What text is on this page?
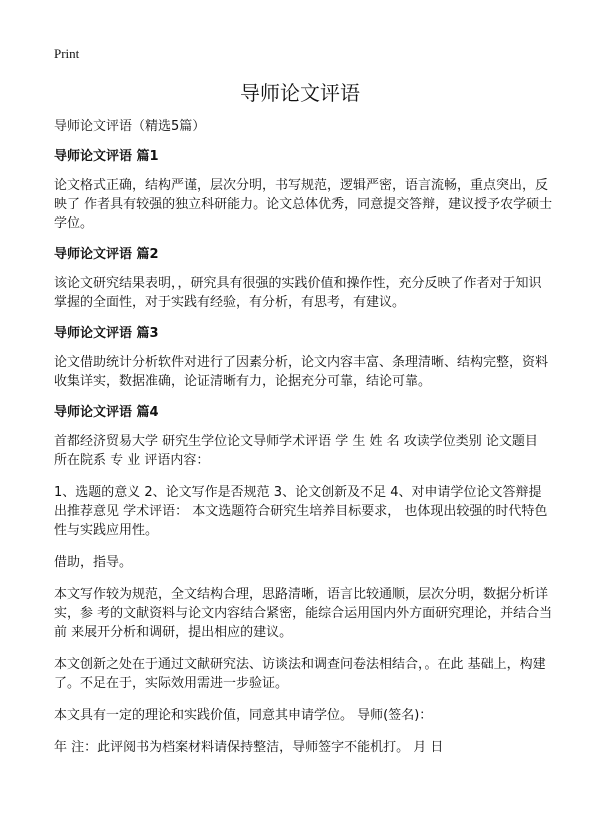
Print
导师论文评语

导师论文评语（精选5篇）

导师论文评语 篇1

论文格式正确，结构严谨，层次分明，书写规范，逻辑严密，语言流畅，重点突出，反映了 作者具有较强的独立科研能力。论文总体优秀，同意提交答辩，建议授予农学硕士学位。

导师论文评语 篇2

该论文研究结果表明，，研究具有很强的实践价值和操作性，充分反映了作者对于知识掌握的全面性，对于实践有经验，有分析，有思考，有建议。

导师论文评语 篇3

论文借助统计分析软件对进行了因素分析，论文内容丰富、条理清晰、结构完整，资料收集详实，数据准确，论证清晰有力，论据充分可靠，结论可靠。

导师论文评语 篇4

首都经济贸易大学 研究生学位论文导师学术评语 学 生 姓 名 攻读学位类别 论文题目 所在院系 专 业 评语内容：

1、选题的意义 2、论文写作是否规范 3、论文创新及不足 4、对申请学位论文答辩提出推荐意见 学术评语： 本文选题符合研究生培养目标要求， 也体现出较强的时代特色性与实践应用性。

借助，指导。

本文写作较为规范，全文结构合理，思路清晰，语言比较通顺，层次分明，数据分析详实，参 考的文献资料与论文内容结合紧密，能综合运用国内外方面研究理论，并结合当前 来展开分析和调研，提出相应的建议。

本文创新之处在于通过文献研究法、访谈法和调查问卷法相结合，。在此 基础上，构建了。不足在于，实际效用需进一步验证。

本文具有一定的理论和实践价值，同意其申请学位。 导师(签名)：

年 注：此评阅书为档案材料请保持整洁，导师签字不能机打。 月 日
